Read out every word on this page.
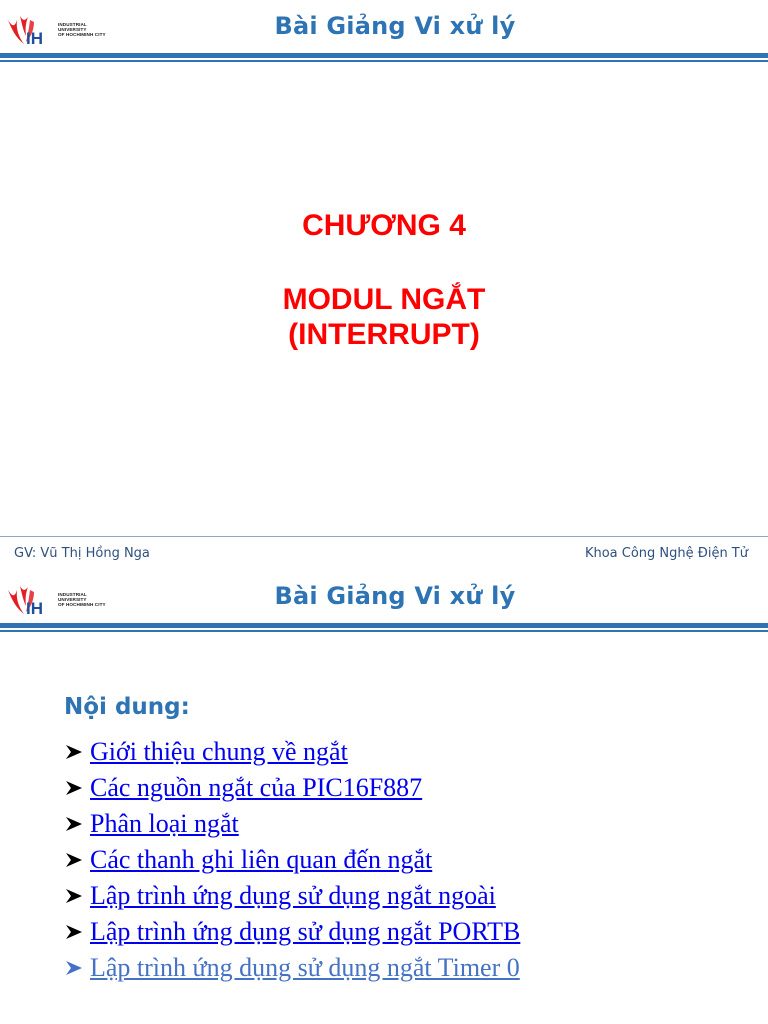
IH
INDUSTRIAL
UNIVERSITY
OF HOCHIMINH CITY	Bài Giảng Vi xử lý
CHƯƠNG 4
MODUL NGẮT
(INTERRUPT)
GV: Vũ Thị Hồng Nga	Khoa Công Nghệ Điện Tử
IH
INDUSTRIAL
UNIVERSITY
OF HOCHIMINH CITY	Bài Giảng Vi xử lý
Nội dung:
Giới thiệu chung về ngắt
Các nguồn ngắt của PIC16F887
Phân loại ngắt
Các thanh ghi liên quan đến ngắt
Lập trình ứng dụng sử dụng ngắt ngoài
Lập trình ứng dụng sử dụng ngắt PORTB
Lập trình ứng dụng sử dụng ngắt Timer 0
